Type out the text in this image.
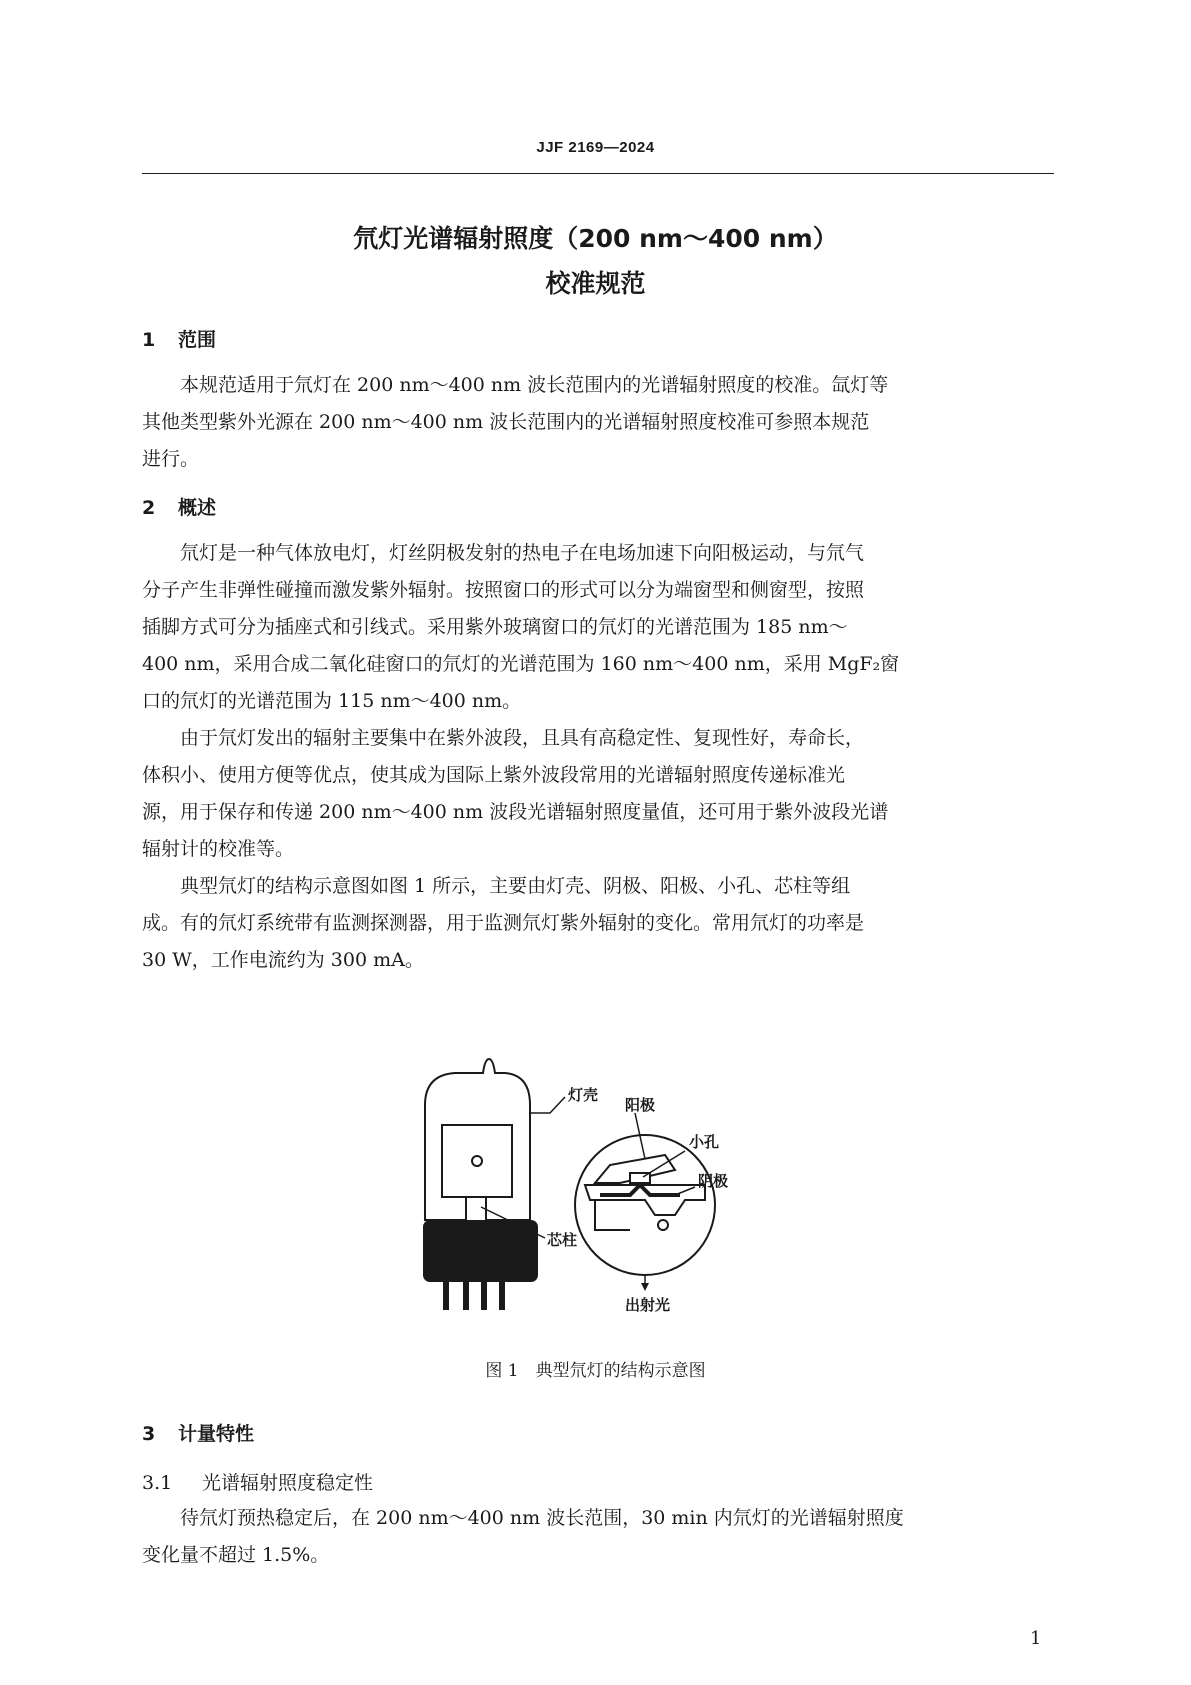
JJF 2169—2024
氘灯光谱辐射照度（200 nm～400 nm）
校准规范
1 范围

本规范适用于氘灯在 200 nm～400 nm 波长范围内的光谱辐射照度的校准。氙灯等
其他类型紫外光源在 200 nm～400 nm 波长范围内的光谱辐射照度校准可参照本规范
进行。

2 概述

氘灯是一种气体放电灯，灯丝阴极发射的热电子在电场加速下向阳极运动，与氘气
分子产生非弹性碰撞而激发紫外辐射。按照窗口的形式可以分为端窗型和侧窗型，按照
插脚方式可分为插座式和引线式。采用紫外玻璃窗口的氘灯的光谱范围为 185 nm～
400 nm，采用合成二氧化硅窗口的氘灯的光谱范围为 160 nm～400 nm，采用 MgF₂窗
口的氘灯的光谱范围为 115 nm～400 nm。

由于氘灯发出的辐射主要集中在紫外波段，且具有高稳定性、复现性好，寿命长，
体积小、使用方便等优点，使其成为国际上紫外波段常用的光谱辐射照度传递标准光
源，用于保存和传递 200 nm～400 nm 波段光谱辐射照度量值，还可用于紫外波段光谱
辐射计的校准等。

典型氘灯的结构示意图如图 1 所示，主要由灯壳、阴极、阳极、小孔、芯柱等组
成。有的氘灯系统带有监测探测器，用于监测氘灯紫外辐射的变化。常用氘灯的功率是
30 W，工作电流约为 300 mA。

灯壳
阳极
小孔
阴极
芯柱
出射光
图 1　典型氘灯的结构示意图
3 计量特性
3.1 光谱辐射照度稳定性

待氘灯预热稳定后，在 200 nm～400 nm 波长范围，30 min 内氘灯的光谱辐射照度
变化量不超过 1.5%。

1
